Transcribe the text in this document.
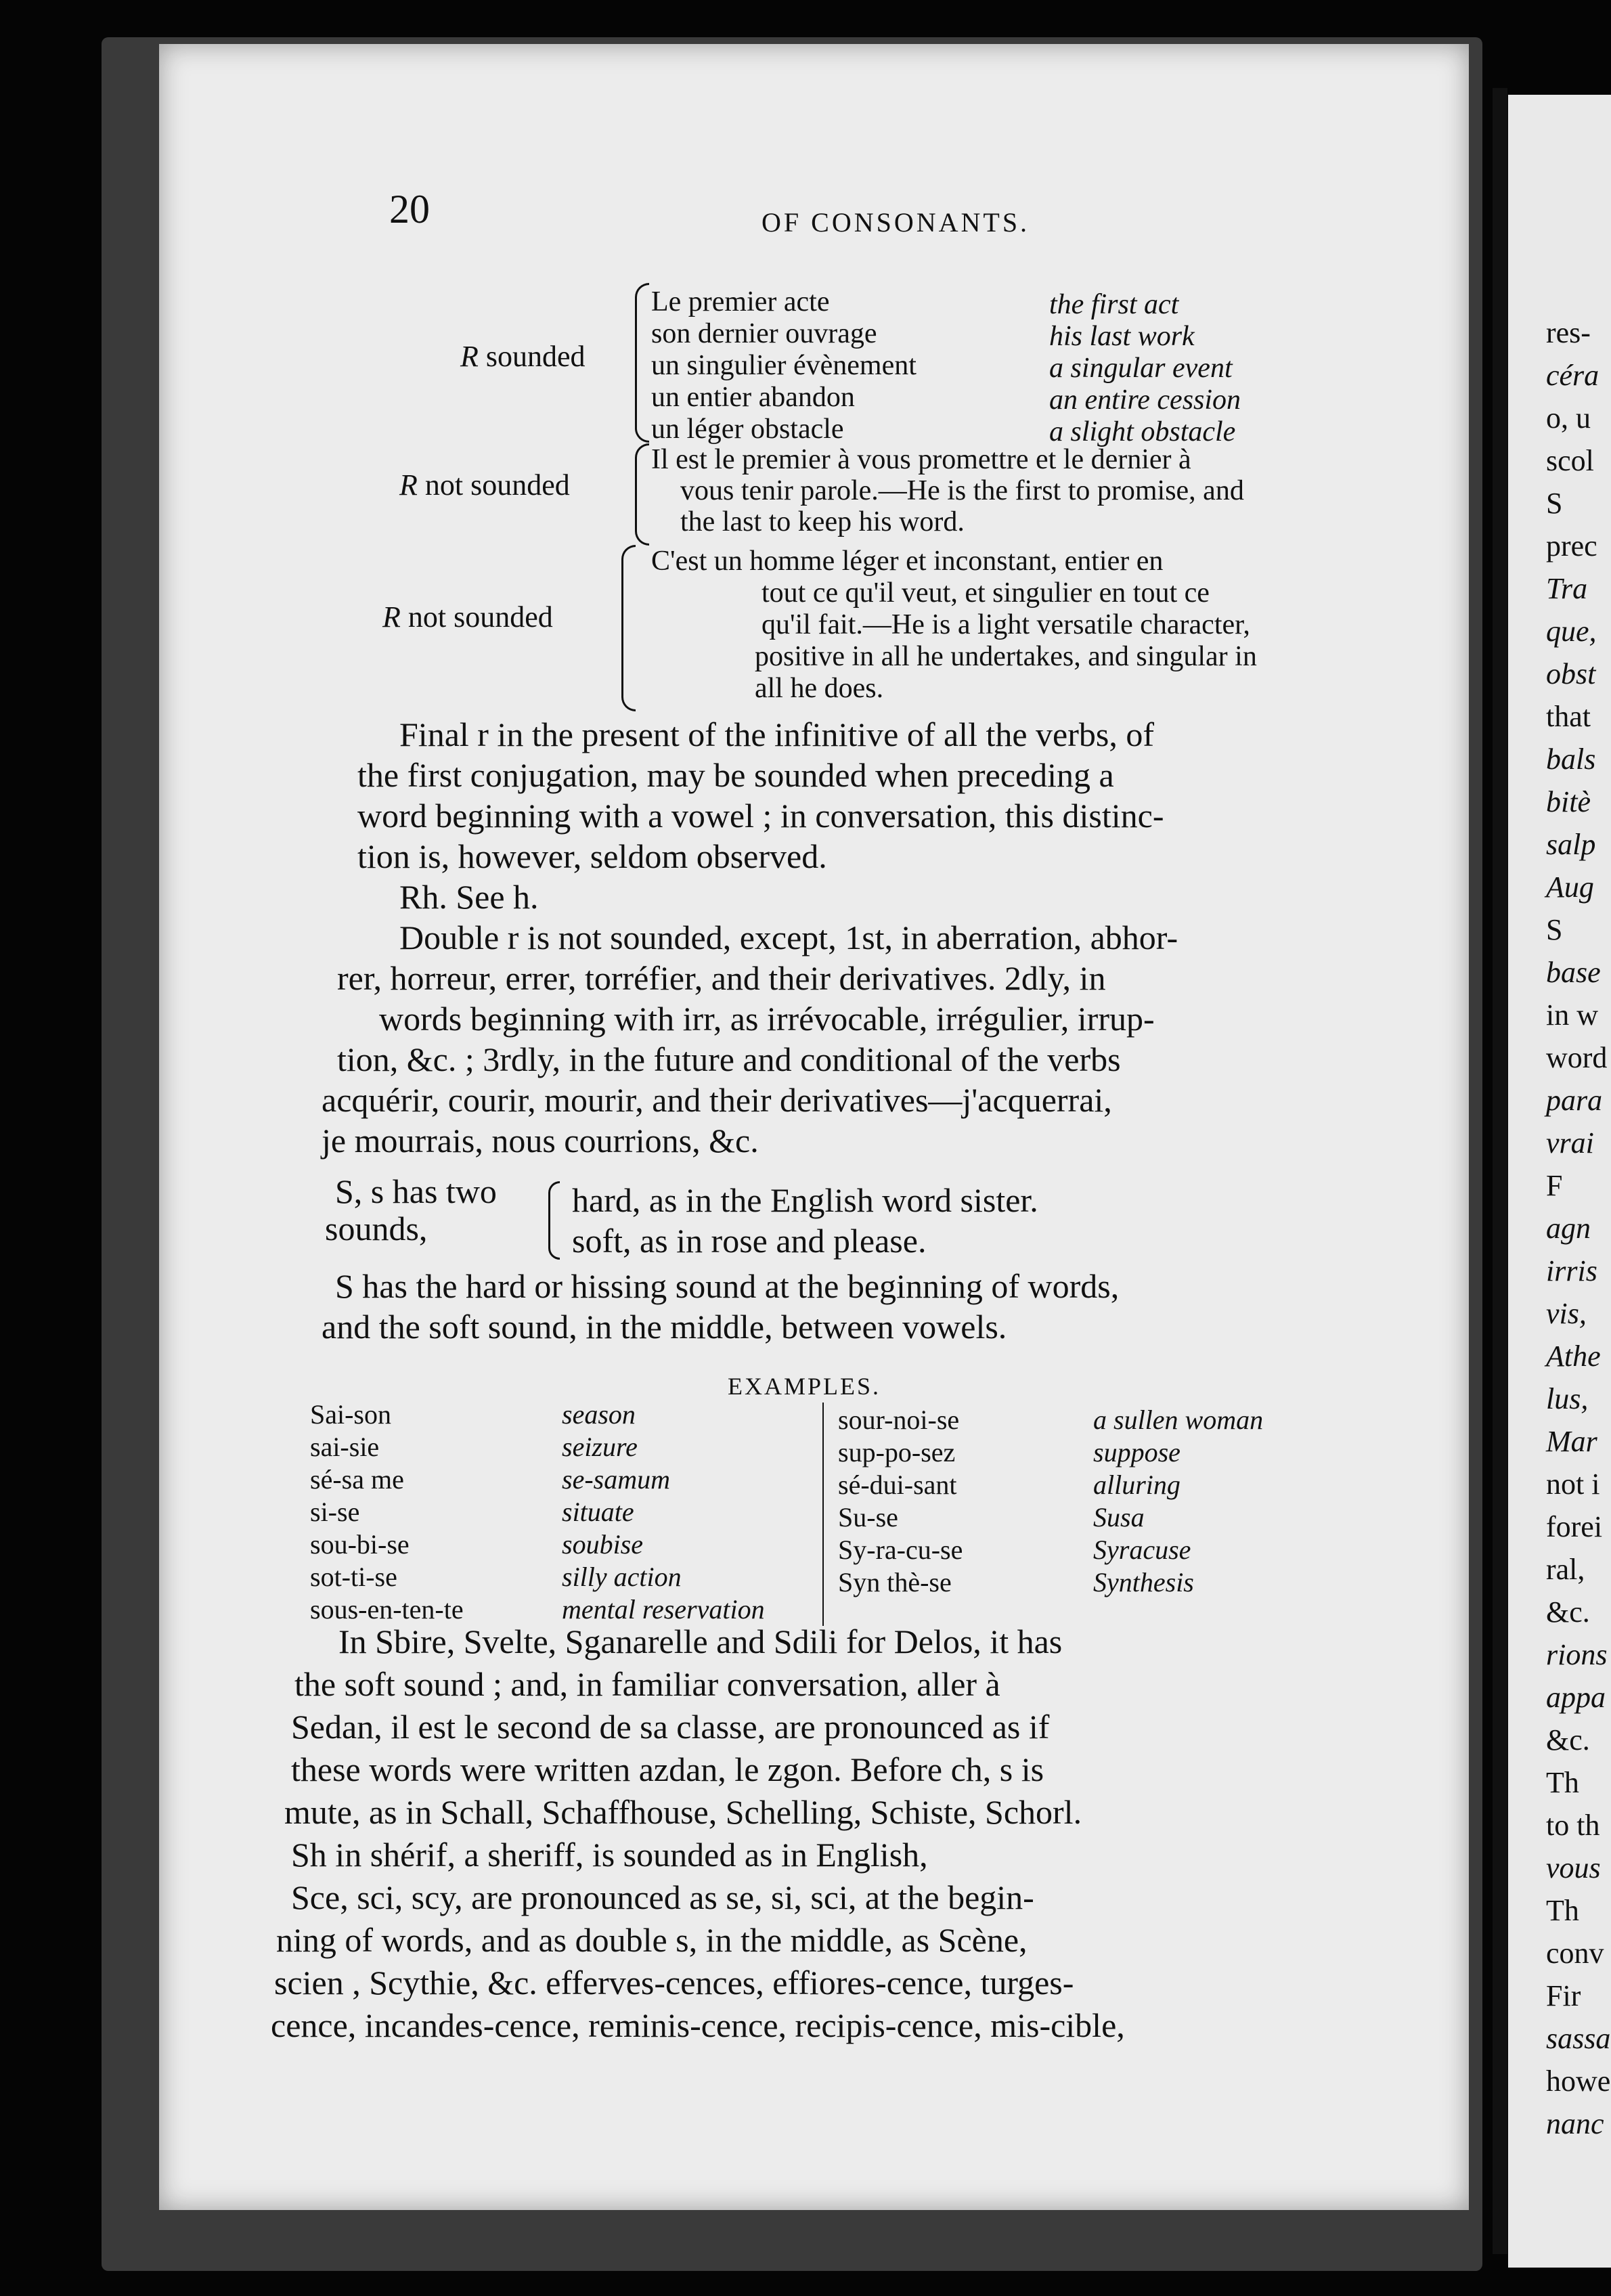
res-
céra
o, u
scol
S
prec
Tra
que,
obst
that
bals
bitè
salp
Aug
S
base
in w
word
para
vrai
F
agn
irris
vis,
Athe
lus,
Mar
not i
forei
ral,
&c.
rions
appa
&c.
Th
to th
vous
Th
conv
Fir
sassa
howe
nanc
20	OF CONSONANTS.
R sounded
Le premier acte	the first act
son dernier ouvrage	his last work
un singulier évènement	a singular event
un entier abandon	an entire cession
un léger obstacle	a slight obstacle
R not sounded
Il est le premier à vous promettre et le dernier à
vous tenir parole.—He is the first to promise, and
the last to keep his word.
R not sounded
C'est un homme léger et inconstant, entier en
tout ce qu'il veut, et singulier en tout ce
qu'il fait.—He is a light versatile character,
positive in all he undertakes, and singular in
all he does.
Final r in the present of the infinitive of all the verbs, of
the first conjugation, may be sounded when preceding a
word beginning with a vowel ; in conversation, this distinc-
tion is, however, seldom observed.
Rh. See h.
Double r is not sounded, except, 1st, in aberration, abhor-
rer, horreur, errer, torréfier, and their derivatives. 2dly, in
words beginning with irr, as irrévocable, irrégulier, irrup-
tion, &c. ; 3rdly, in the future and conditional of the verbs
acquérir, courir, mourir, and their derivatives—j'acquerrai,
je mourrais, nous courrions, &c.
S, s has two
sounds,
hard, as in the English word sister.
soft, as in rose and please.
S has the hard or hissing sound at the beginning of words,
and the soft sound, in the middle, between vowels.
EXAMPLES.
Sai-son	season
sai-sie	seizure
sé-sa me	se-samum
si-se	situate
sou-bi-se	soubise
sot-ti-se	silly action
sous-en-ten-te	mental reservation
sour-noi-se	a sullen woman
sup-po-sez	suppose
sé-dui-sant	alluring
Su-se	Susa
Sy-ra-cu-se	Syracuse
Syn thè-se	Synthesis
In Sbire, Svelte, Sganarelle and Sdili for Delos, it has
the soft sound ; and, in familiar conversation, aller à
Sedan, il est le second de sa classe, are pronounced as if
these words were written azdan, le zgon. Before ch, s is
mute, as in Schall, Schaffhouse, Schelling, Schiste, Schorl.
Sh in shérif, a sheriff, is sounded as in English,
Sce, sci, scy, are pronounced as se, si, sci, at the begin-
ning of words, and as double s, in the middle, as Scène,
scien , Scythie, &c. efferves-cences, effiores-cence, turges-
cence, incandes-cence, reminis-cence, recipis-cence, mis-cible,
